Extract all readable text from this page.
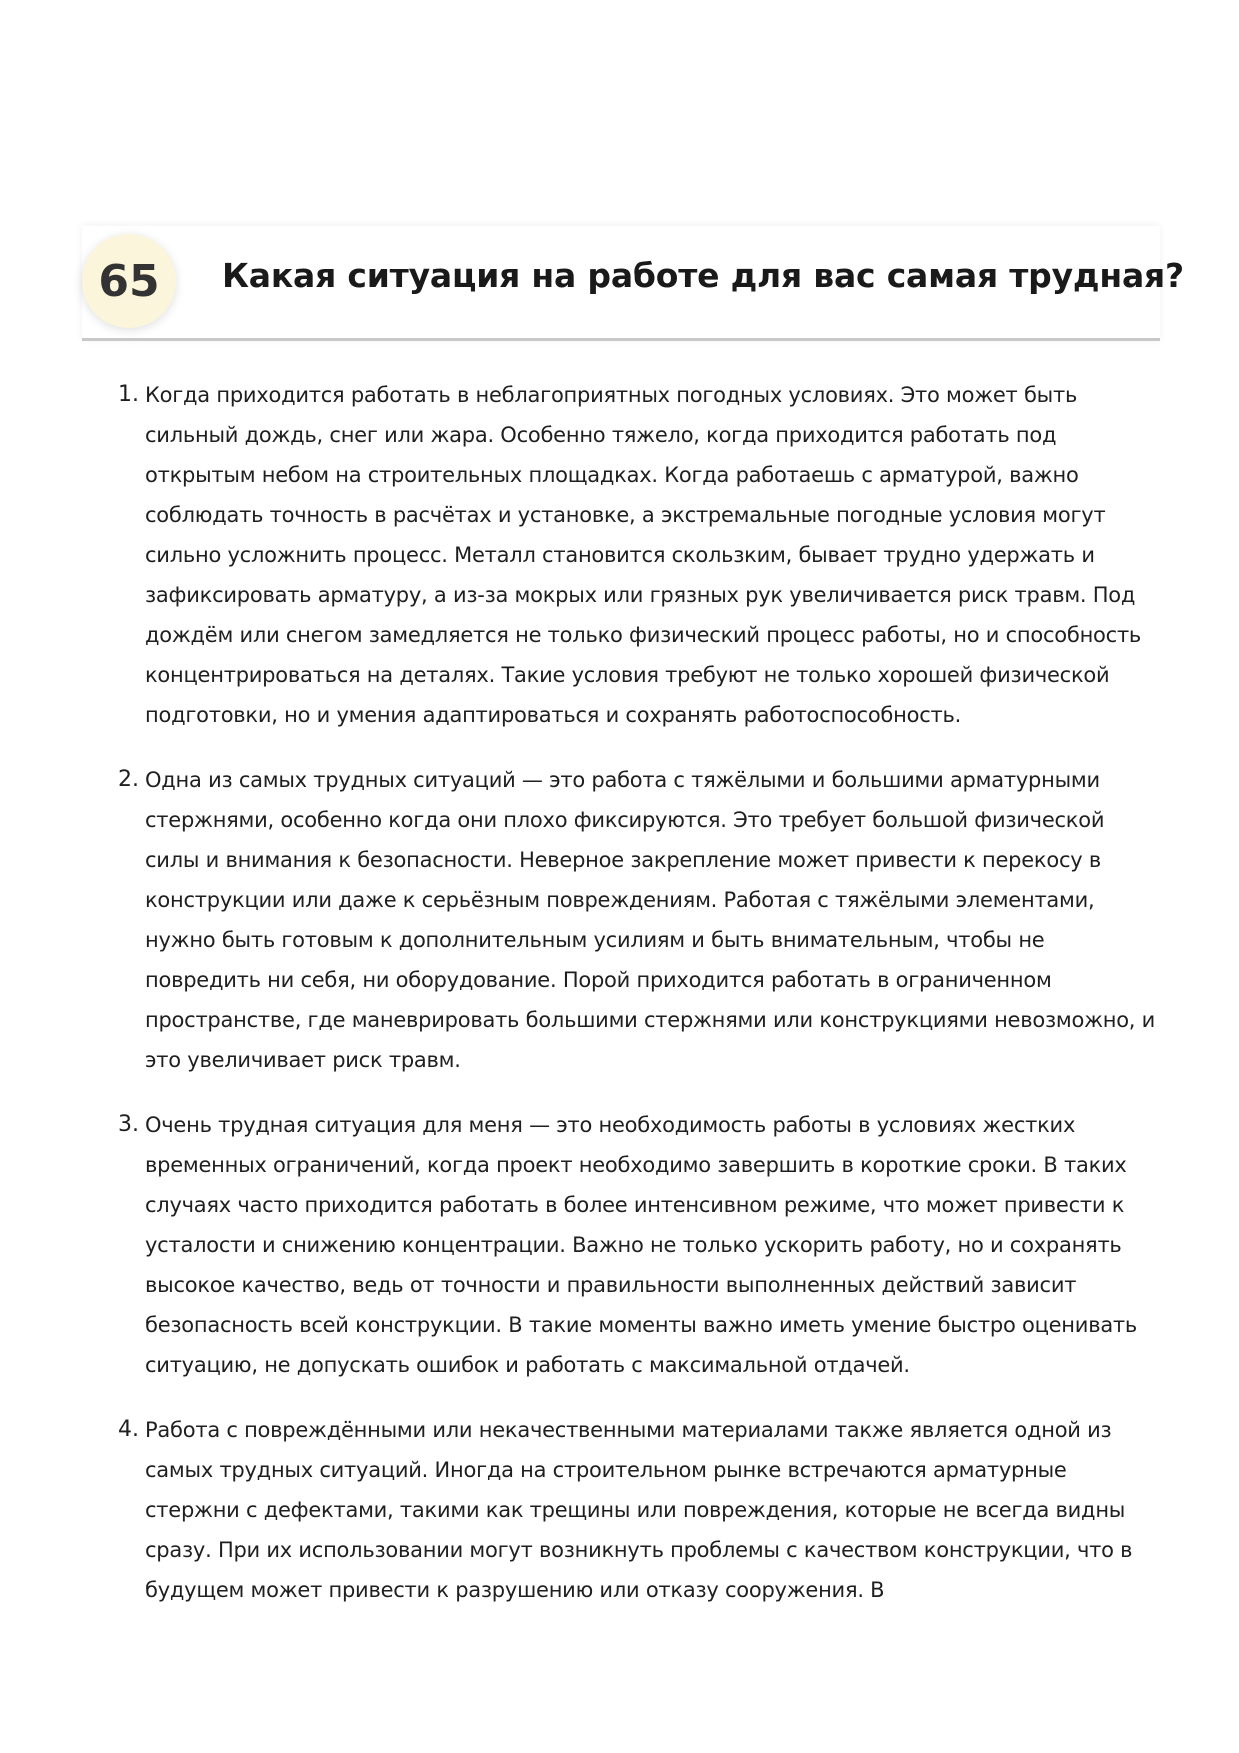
65	Какая ситуация на работе для вас самая трудная?
1. Когда приходится работать в неблагоприятных погодных условиях. Это может быть сильный дождь, снег или жара. Особенно тяжело, когда приходится работать под открытым небом на строительных площадках. Когда работаешь с арматурой, важно соблюдать точность в расчётах и установке, а экстремальные погодные условия могут сильно усложнить процесс. Металл становится скользким, бывает трудно удержать и зафиксировать арматуру, а из-за мокрых или грязных рук увеличивается риск травм. Под дождём или снегом замедляется не только физический процесс работы, но и способность концентрироваться на деталях. Такие условия требуют не только хорошей физической подготовки, но и умения адаптироваться и сохранять работоспособность.
2. Одна из самых трудных ситуаций — это работа с тяжёлыми и большими арматурными стержнями, особенно когда они плохо фиксируются. Это требует большой физической силы и внимания к безопасности. Неверное закрепление может привести к перекосу в конструкции или даже к серьёзным повреждениям. Работая с тяжёлыми элементами, нужно быть готовым к дополнительным усилиям и быть внимательным, чтобы не повредить ни себя, ни оборудование. Порой приходится работать в ограниченном пространстве, где маневрировать большими стержнями или конструкциями невозможно, и это увеличивает риск травм.
3. Очень трудная ситуация для меня — это необходимость работы в условиях жестких временных ограничений, когда проект необходимо завершить в короткие сроки. В таких случаях часто приходится работать в более интенсивном режиме, что может привести к усталости и снижению концентрации. Важно не только ускорить работу, но и сохранять высокое качество, ведь от точности и правильности выполненных действий зависит безопасность всей конструкции. В такие моменты важно иметь умение быстро оценивать ситуацию, не допускать ошибок и работать с максимальной отдачей.
4. Работа с повреждёнными или некачественными материалами также является одной из самых трудных ситуаций. Иногда на строительном рынке встречаются арматурные стержни с дефектами, такими как трещины или повреждения, которые не всегда видны сразу. При их использовании могут возникнуть проблемы с качеством конструкции, что в будущем может привести к разрушению или отказу сооружения. В
